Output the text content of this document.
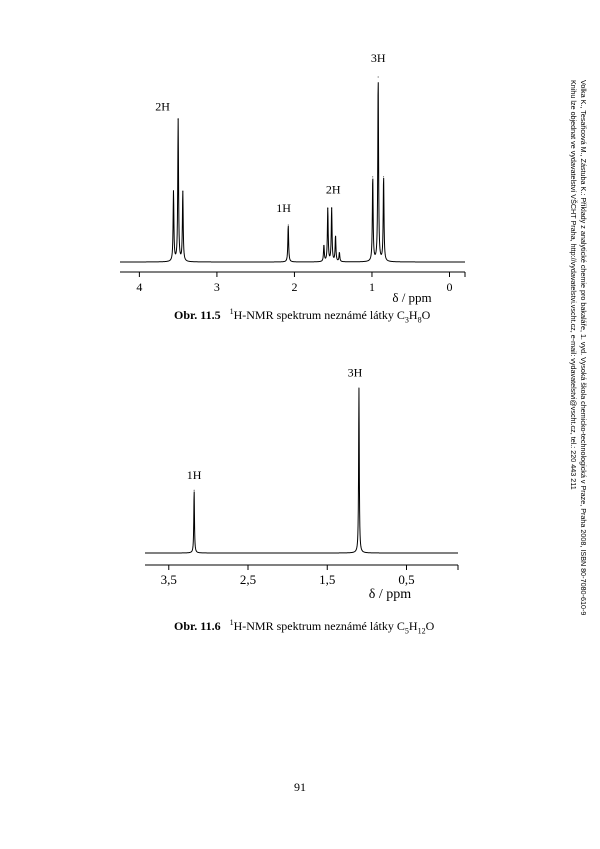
4	3	2	1	0
δ / ppm
2H
1H
2H
3H
3,5	2,5	1,5	0,5
δ / ppm
1H
3H
Obr. 11.5 $^1$H-NMR spektrum neznámé látky $C_3H_8O$
Obr. 11.6 $^1$H-NMR spektrum neznámé látky $C_5H_{12}O$
Volka K., Tesařicová M., Zástuba K.: Příklady z analytické chemie pro bakaláře, 1. vyd. Vysoká škola chemicko-technologická v Praze, Praha 2008, ISBN 80-7080-610-9
Knihu lze objednat ve vydavatelství VŠCHT Praha, http://vydavatelstvi.vscht.cz, e-mail: vydavatelstvi@vscht.cz, tel.: 220 443 211
91
